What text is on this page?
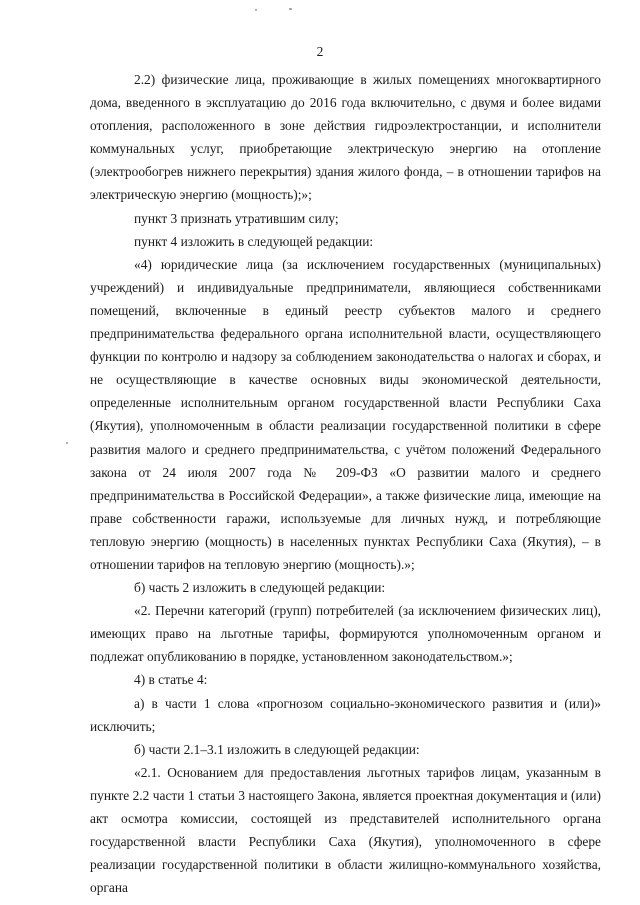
2

2.2) физические лица, проживающие в жилых помещениях многоквартирного дома, введенного в эксплуатацию до 2016 года включительно, с двумя и более видами отопления, расположенного в зоне действия гидроэлектростанции, и исполнители коммунальных услуг, приобретающие электрическую энергию на отопление (электрообогрев нижнего перекрытия) здания жилого фонда, – в отношении тарифов на электрическую энергию (мощность);»;

пункт 3 признать утратившим силу;

пункт 4 изложить в следующей редакции:

«4) юридические лица (за исключением государственных (муниципальных) учреждений) и индивидуальные предприниматели, являющиеся собственниками помещений, включенные в единый реестр субъектов малого и среднего предпринимательства федерального органа исполнительной власти, осуществляющего функции по контролю и надзору за соблюдением законодательства о налогах и сборах, и не осуществляющие в качестве основных виды экономической деятельности, определенные исполнительным органом государственной власти Республики Саха (Якутия), уполномоченным в области реализации государственной политики в сфере развития малого и среднего предпринимательства, с учётом положений Федерального закона от 24 июля 2007 года № 209-ФЗ «О развитии малого и среднего предпринимательства в Российской Федерации», а также физические лица, имеющие на праве собственности гаражи, используемые для личных нужд, и потребляющие тепловую энергию (мощность) в населенных пунктах Республики Саха (Якутия), – в отношении тарифов на тепловую энергию (мощность).»;

б) часть 2 изложить в следующей редакции:

«2. Перечни категорий (групп) потребителей (за исключением физических лиц), имеющих право на льготные тарифы, формируются уполномоченным органом и подлежат опубликованию в порядке, установленном законодательством.»;

4) в статье 4:

а) в части 1 слова «прогнозом социально-экономического развития и (или)» исключить;

б) части 2.1–3.1 изложить в следующей редакции:

«2.1. Основанием для предоставления льготных тарифов лицам, указанным в пункте 2.2 части 1 статьи 3 настоящего Закона, является проектная документация и (или) акт осмотра комиссии, состоящей из представителей исполнительного органа государственной власти Республики Саха (Якутия), уполномоченного в сфере реализации государственной политики в области жилищно-коммунального хозяйства, органа
